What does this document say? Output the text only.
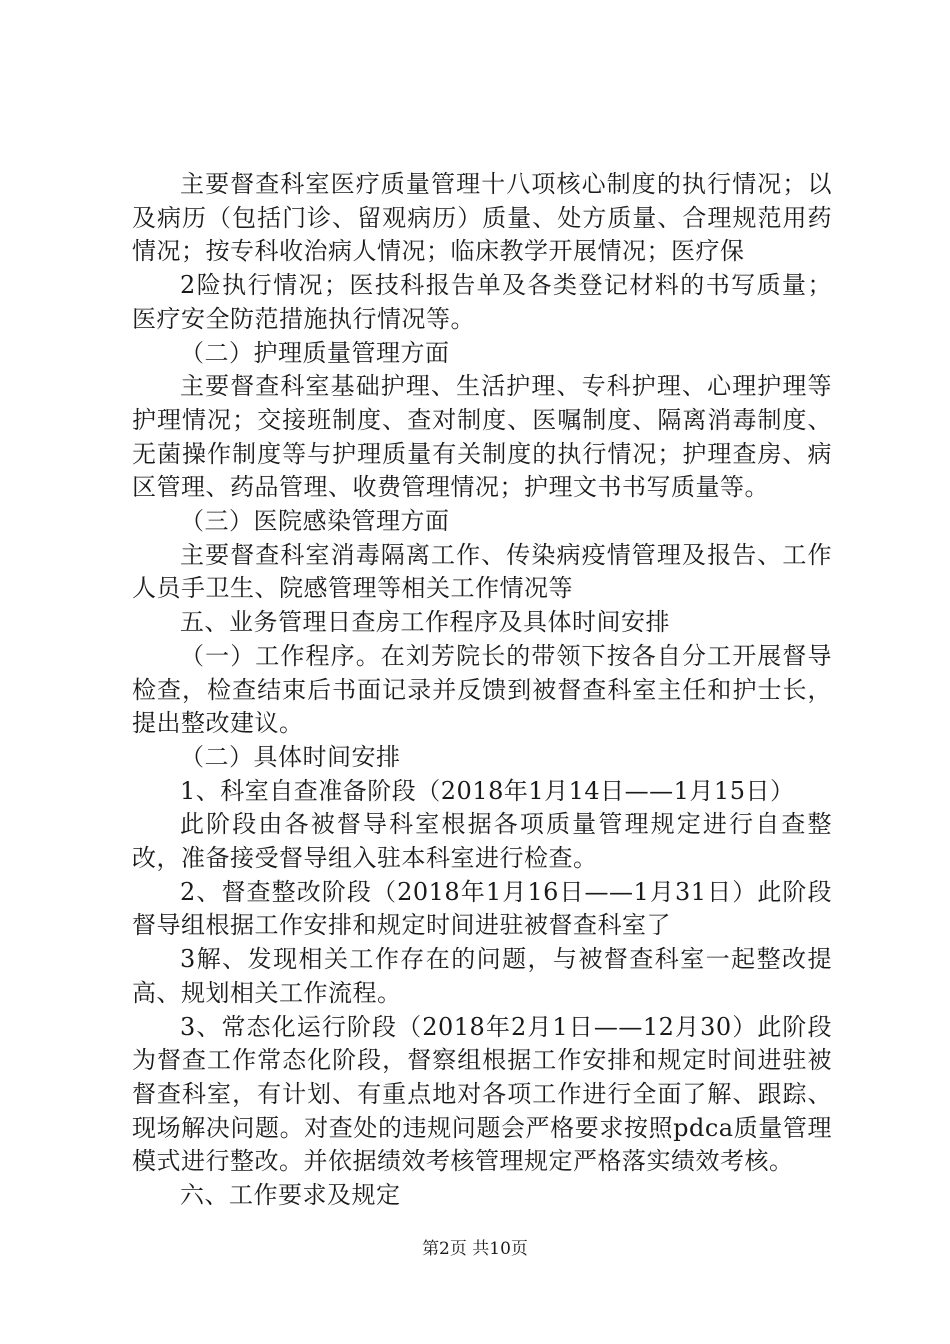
主要督查科室医疗质量管理十八项核心制度的执行情况；以及病历（包括门诊、留观病历）质量、处方质量、合理规范用药情况；按专科收治病人情况；临床教学开展情况；医疗保

2险执行情况；医技科报告单及各类登记材料的书写质量；医疗安全防范措施执行情况等。

（二）护理质量管理方面

主要督查科室基础护理、生活护理、专科护理、心理护理等护理情况；交接班制度、查对制度、医嘱制度、隔离消毒制度、无菌操作制度等与护理质量有关制度的执行情况；护理查房、病区管理、药品管理、收费管理情况；护理文书书写质量等。

（三）医院感染管理方面

主要督查科室消毒隔离工作、传染病疫情管理及报告、工作人员手卫生、院感管理等相关工作情况等

五、业务管理日查房工作程序及具体时间安排

（一）工作程序。在刘芳院长的带领下按各自分工开展督导检查，检查结束后书面记录并反馈到被督查科室主任和护士长，提出整改建议。

（二）具体时间安排

1、科室自查准备阶段（2018年1月14日——1月15日）

此阶段由各被督导科室根据各项质量管理规定进行自查整改，准备接受督导组入驻本科室进行检查。

2、督查整改阶段（2018年1月16日——1月31日）此阶段督导组根据工作安排和规定时间进驻被督查科室了

3解、发现相关工作存在的问题，与被督查科室一起整改提高、规划相关工作流程。

3、常态化运行阶段（2018年2月1日——12月30）此阶段为督查工作常态化阶段，督察组根据工作安排和规定时间进驻被督查科室，有计划、有重点地对各项工作进行全面了解、跟踪、现场解决问题。对查处的违规问题会严格要求按照pdca质量管理模式进行整改。并依据绩效考核管理规定严格落实绩效考核。

六、工作要求及规定

第2页 共10页
